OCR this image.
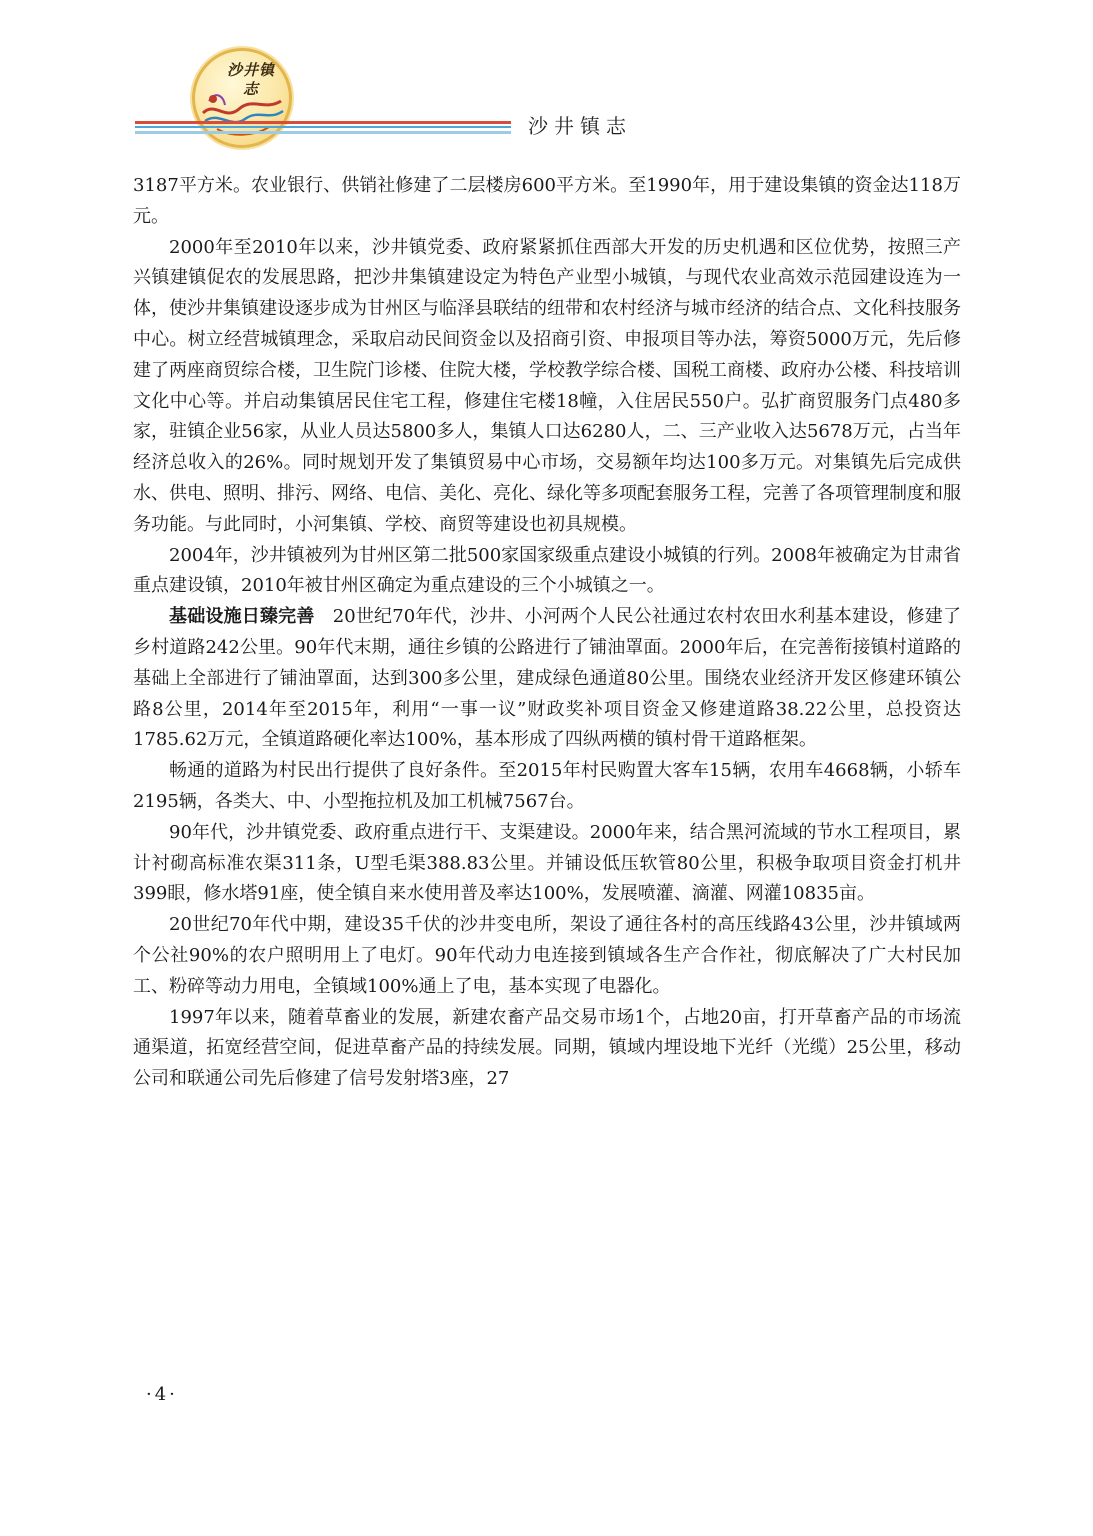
沙井镇志
沙井镇志

3187平方米。农业银行、供销社修建了二层楼房600平方米。至1990年，用于建设集镇的资金达118万元。

2000年至2010年以来，沙井镇党委、政府紧紧抓住西部大开发的历史机遇和区位优势，按照三产兴镇建镇促农的发展思路，把沙井集镇建设定为特色产业型小城镇，与现代农业高效示范园建设连为一体，使沙井集镇建设逐步成为甘州区与临泽县联结的纽带和农村经济与城市经济的结合点、文化科技服务中心。树立经营城镇理念，采取启动民间资金以及招商引资、申报项目等办法，筹资5000万元，先后修建了两座商贸综合楼，卫生院门诊楼、住院大楼，学校教学综合楼、国税工商楼、政府办公楼、科技培训文化中心等。并启动集镇居民住宅工程，修建住宅楼18幢，入住居民550户。弘扩商贸服务门点480多家，驻镇企业56家，从业人员达5800多人，集镇人口达6280人，二、三产业收入达5678万元，占当年经济总收入的26%。同时规划开发了集镇贸易中心市场，交易额年均达100多万元。对集镇先后完成供水、供电、照明、排污、网络、电信、美化、亮化、绿化等多项配套服务工程，完善了各项管理制度和服务功能。与此同时，小河集镇、学校、商贸等建设也初具规模。

2004年，沙井镇被列为甘州区第二批500家国家级重点建设小城镇的行列。2008年被确定为甘肃省重点建设镇，2010年被甘州区确定为重点建设的三个小城镇之一。

基础设施日臻完善　20世纪70年代，沙井、小河两个人民公社通过农村农田水利基本建设，修建了乡村道路242公里。90年代末期，通往乡镇的公路进行了铺油罩面。2000年后，在完善衔接镇村道路的基础上全部进行了铺油罩面，达到300多公里，建成绿色通道80公里。围绕农业经济开发区修建环镇公路8公里，2014年至2015年，利用“一事一议”财政奖补项目资金又修建道路38.22公里，总投资达1785.62万元，全镇道路硬化率达100%，基本形成了四纵两横的镇村骨干道路框架。

畅通的道路为村民出行提供了良好条件。至2015年村民购置大客车15辆，农用车4668辆，小轿车2195辆，各类大、中、小型拖拉机及加工机械7567台。

90年代，沙井镇党委、政府重点进行干、支渠建设。2000年来，结合黑河流域的节水工程项目，累计衬砌高标准农渠311条，U型毛渠388.83公里。并铺设低压软管80公里，积极争取项目资金打机井399眼，修水塔91座，使全镇自来水使用普及率达100%，发展喷灌、滴灌、网灌10835亩。

20世纪70年代中期，建设35千伏的沙井变电所，架设了通往各村的高压线路43公里，沙井镇域两个公社90%的农户照明用上了电灯。90年代动力电连接到镇域各生产合作社，彻底解决了广大村民加工、粉碎等动力用电，全镇域100%通上了电，基本实现了电器化。

1997年以来，随着草畜业的发展，新建农畜产品交易市场1个，占地20亩，打开草畜产品的市场流通渠道，拓宽经营空间，促进草畜产品的持续发展。同期，镇域内埋设地下光纤（光缆）25公里，移动公司和联通公司先后修建了信号发射塔3座，27

·4·
